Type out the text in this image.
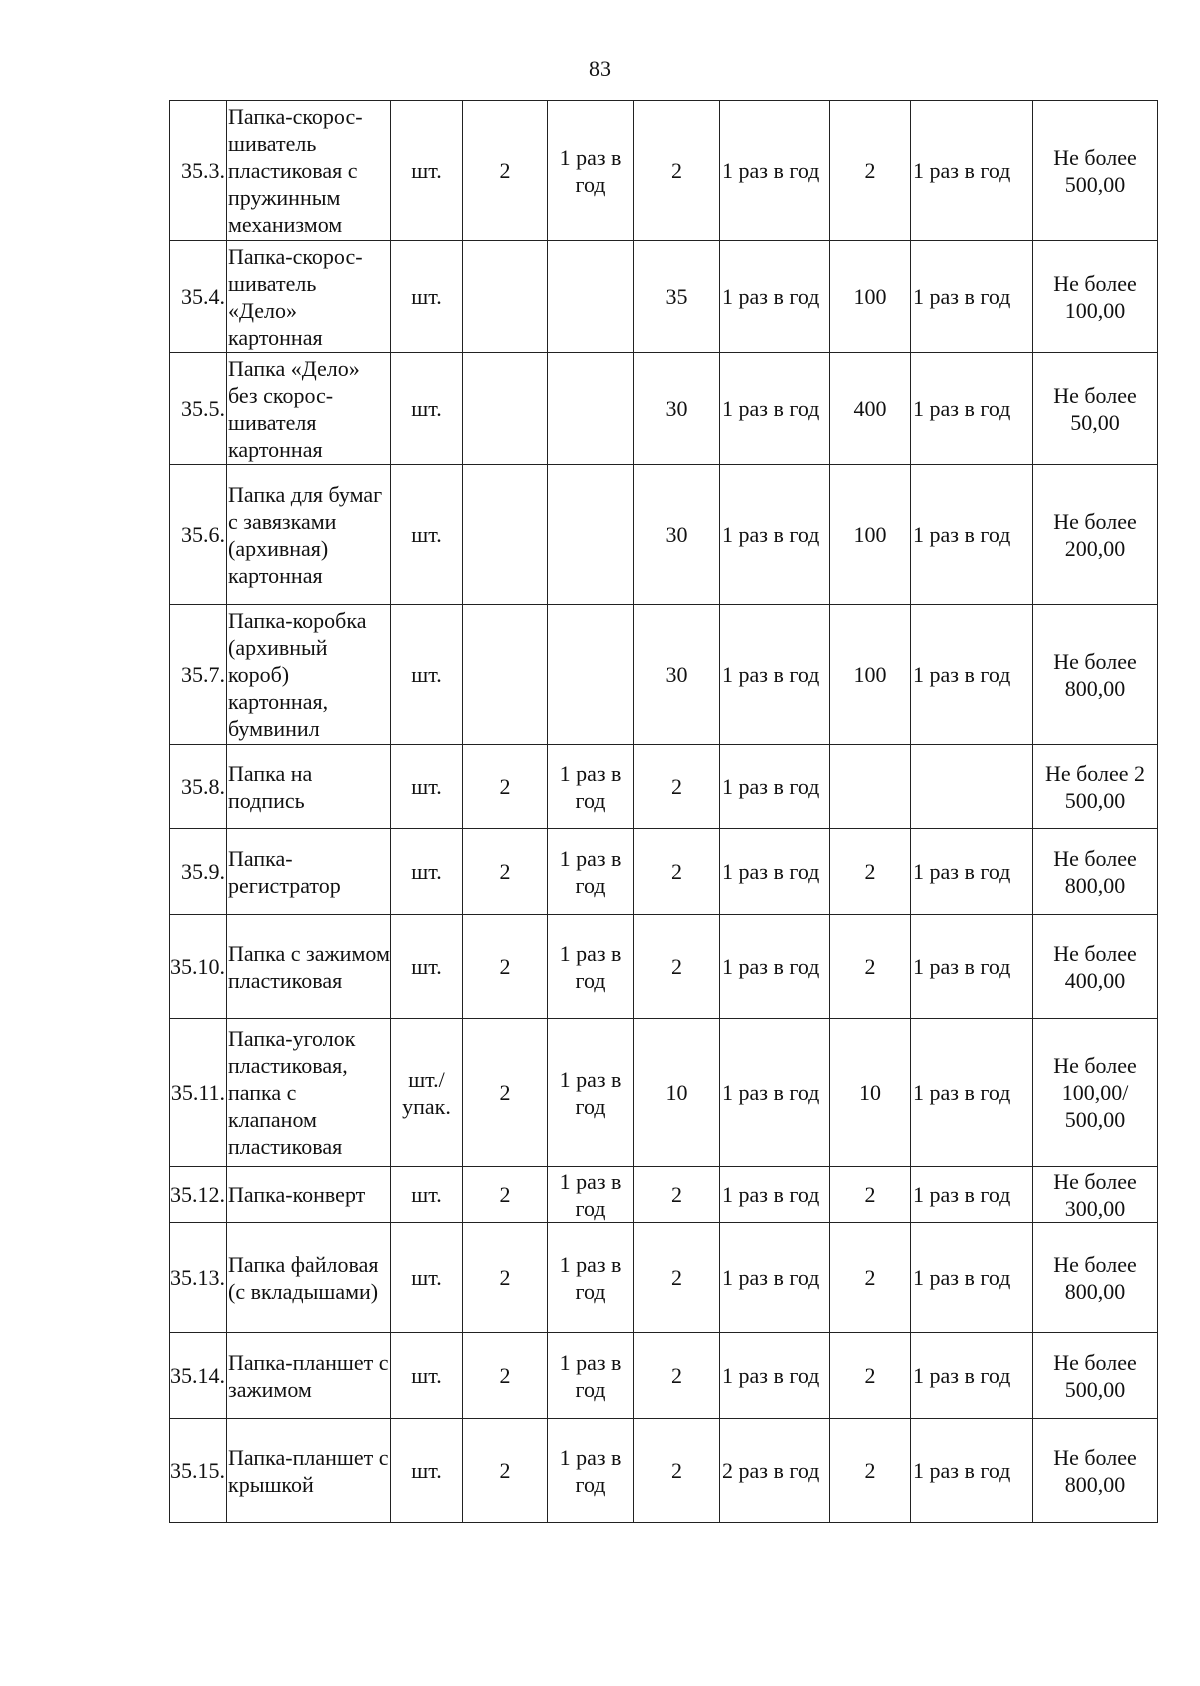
83
35.3.	Папка-скорос-шиватель пластиковая с пружинным механизмом	шт.	2	1 раз в год	2	1 раз в год	2	1 раз в год	Не более 500,00
35.4.	Папка-скорос-шиватель «Дело» картонная	шт.			35	1 раз в год	100	1 раз в год	Не более 100,00
35.5.	Папка «Дело» без скорос-шивателя картонная	шт.			30	1 раз в год	400	1 раз в год	Не более 50,00
35.6.	Папка для бумаг с завязками (архивная) картонная	шт.			30	1 раз в год	100	1 раз в год	Не более 200,00
35.7.	Папка-коробка (архивный короб) картонная, бумвинил	шт.			30	1 раз в год	100	1 раз в год	Не более 800,00
35.8.	Папка на подпись	шт.	2	1 раз в год	2	1 раз в год			Не более 2 500,00
35.9.	Папка-регистратор	шт.	2	1 раз в год	2	1 раз в год	2	1 раз в год	Не более 800,00
35.10.	Папка с зажимом пластиковая	шт.	2	1 раз в год	2	1 раз в год	2	1 раз в год	Не более 400,00
35.11.	Папка-уголок пластиковая, папка с клапаном пластиковая	шт./ упак.	2	1 раз в год	10	1 раз в год	10	1 раз в год	Не более 100,00/ 500,00
35.12.	Папка-конверт	шт.	2	1 раз в год	2	1 раз в год	2	1 раз в год	Не более 300,00
35.13.	Папка файловая (с вкладышами)	шт.	2	1 раз в год	2	1 раз в год	2	1 раз в год	Не более 800,00
35.14.	Папка-планшет с зажимом	шт.	2	1 раз в год	2	1 раз в год	2	1 раз в год	Не более 500,00
35.15.	Папка-планшет с крышкой	шт.	2	1 раз в год	2	2 раз в год	2	1 раз в год	Не более 800,00
